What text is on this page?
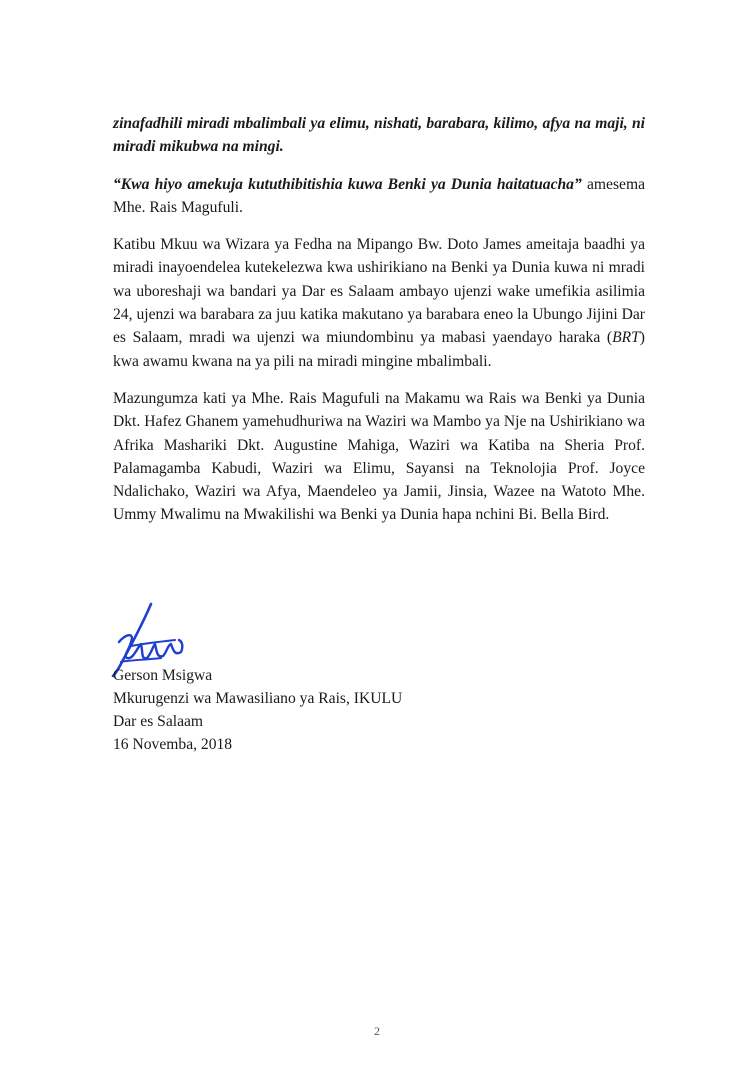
zinafadhili miradi mbalimbali ya elimu, nishati, barabara, kilimo, afya na maji, ni miradi mikubwa na mingi.

“Kwa hiyo amekuja kututhibitishia kuwa Benki ya Dunia haitatuacha” amesema Mhe. Rais Magufuli.

Katibu Mkuu wa Wizara ya Fedha na Mipango Bw. Doto James ameitaja baadhi ya miradi inayoendelea kutekelezwa kwa ushirikiano na Benki ya Dunia kuwa ni mradi wa uboreshaji wa bandari ya Dar es Salaam ambayo ujenzi wake umefikia asilimia 24, ujenzi wa barabara za juu katika makutano ya barabara eneo la Ubungo Jijini Dar es Salaam, mradi wa ujenzi wa miundombinu ya mabasi yaendayo haraka (BRT) kwa awamu kwana na ya pili na miradi mingine mbalimbali.

Mazungumza kati ya Mhe. Rais Magufuli na Makamu wa Rais wa Benki ya Dunia Dkt. Hafez Ghanem yamehudhuriwa na Waziri wa Mambo ya Nje na Ushirikiano wa Afrika Mashariki Dkt. Augustine Mahiga, Waziri wa Katiba na Sheria Prof. Palamagamba Kabudi, Waziri wa Elimu, Sayansi na Teknolojia Prof. Joyce Ndalichako, Waziri wa Afya, Maendeleo ya Jamii, Jinsia, Wazee na Watoto Mhe. Ummy Mwalimu na Mwakilishi wa Benki ya Dunia hapa nchini Bi. Bella Bird.

Gerson Msigwa
Mkurugenzi wa Mawasiliano ya Rais, IKULU
Dar es Salaam
16 Novemba, 2018
2
